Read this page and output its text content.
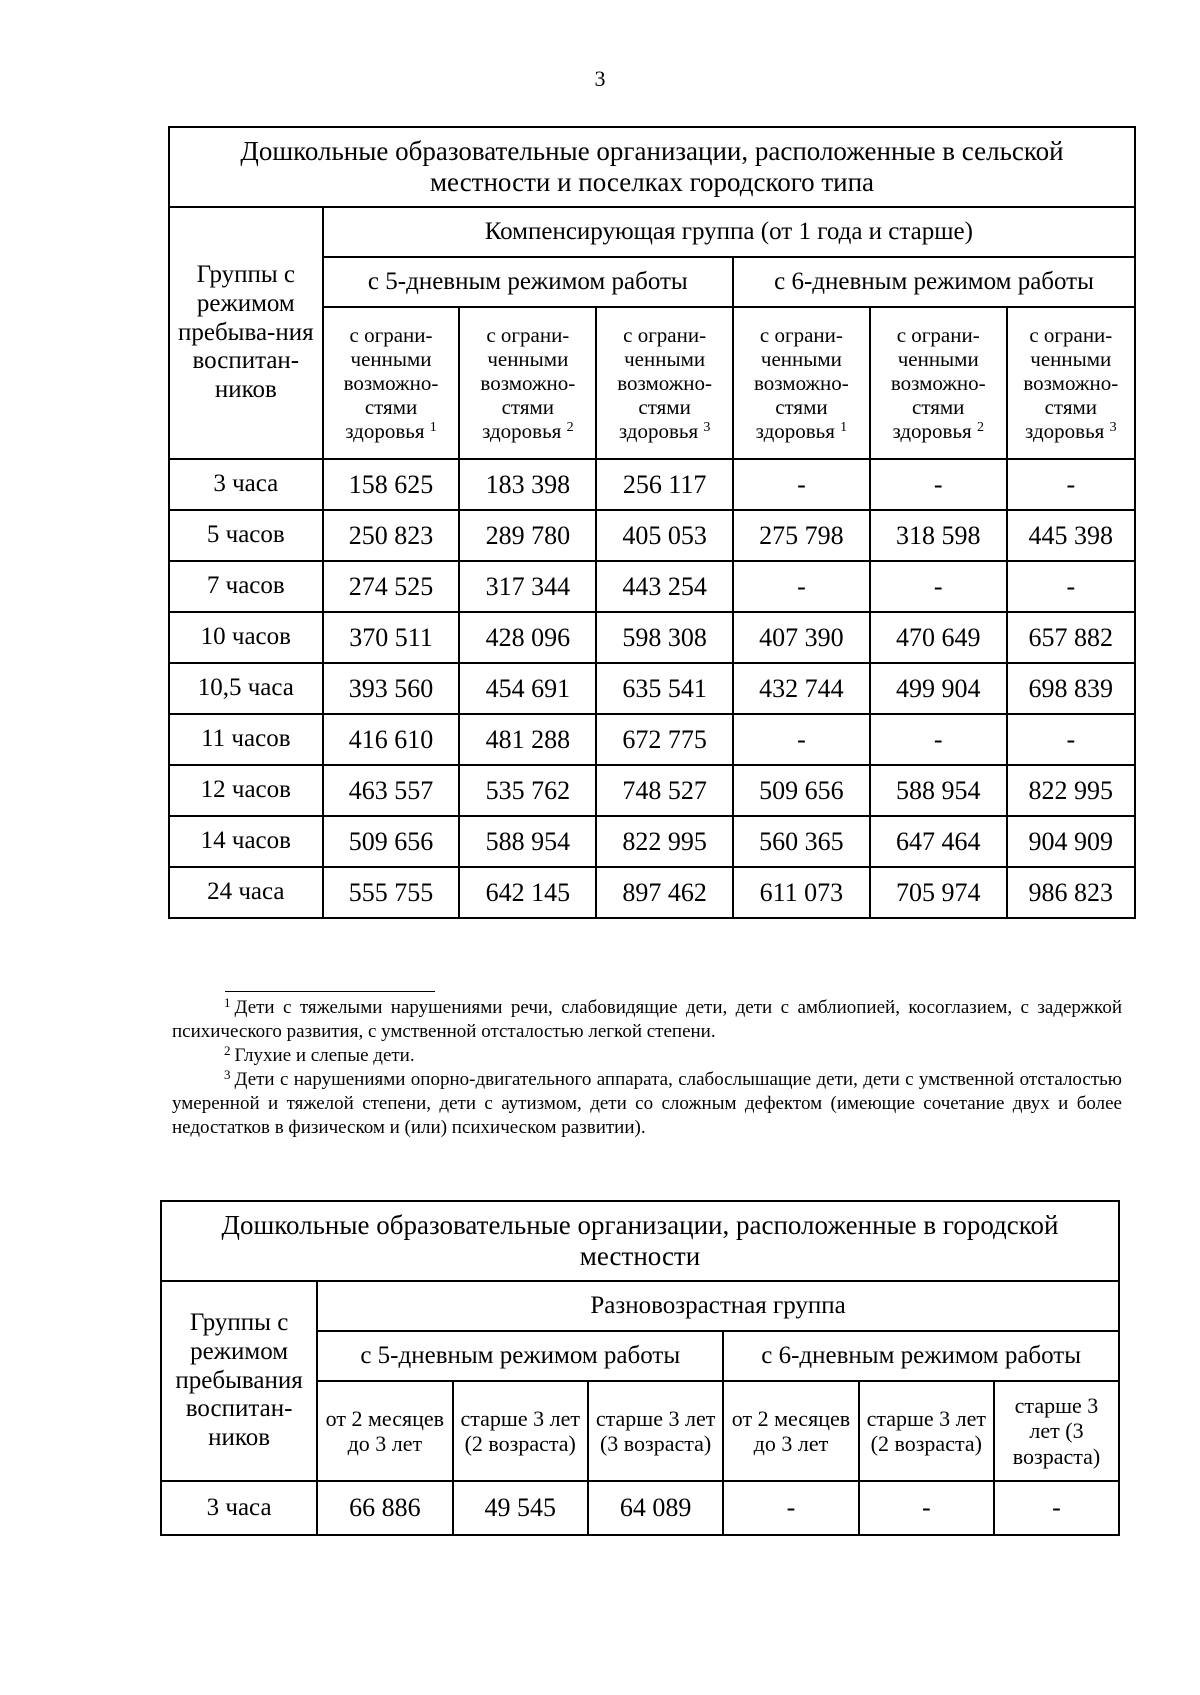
3
Дошкольные образовательные организации, расположенные в сельской местности и поселках городского типа						
Группы с режимом пребыва-ния воспитан-ников	Компенсирующая группа (от 1 года и старше)					
	с 5-дневным режимом работы			с 6-дневным режимом работы		
	с ограни-ченными возможно-стями здоровья $^1$	с ограни-ченными возможно-стями здоровья $^2$	с ограни-ченными возможно-стями здоровья $^3$	с ограни-ченными возможно-стями здоровья $^1$	с ограни-ченными возможно-стями здоровья $^2$	с ограни-ченными возможно-стями здоровья $^3$
3 часа	158 625	183 398	256 117	-	-	-
5 часов	250 823	289 780	405 053	275 798	318 598	445 398
7 часов	274 525	317 344	443 254	-	-	-
10 часов	370 511	428 096	598 308	407 390	470 649	657 882
10,5 часа	393 560	454 691	635 541	432 744	499 904	698 839
11 часов	416 610	481 288	672 775	-	-	-
12 часов	463 557	535 762	748 527	509 656	588 954	822 995
14 часов	509 656	588 954	822 995	560 365	647 464	904 909
24 часа	555 755	642 145	897 462	611 073	705 974	986 823

$^1$ Дети с тяжелыми нарушениями речи, слабовидящие дети, дети с амблиопией, косоглазием, с задержкой психического развития, с умственной отсталостью легкой степени.

$^2$ Глухие и слепые дети.

$^3$ Дети с нарушениями опорно-двигательного аппарата, слабослышащие дети, дети с умственной отсталостью умеренной и тяжелой степени, дети с аутизмом, дети со сложным дефектом (имеющие сочетание двух и более недостатков в физическом и (или) психическом развитии).

Дошкольные образовательные организации, расположенные в городской местности						
Группы с режимом пребывания воспитан-ников	Разновозрастная группа					
	с 5-дневным режимом работы			с 6-дневным режимом работы		
	от 2 месяцев до 3 лет	старше 3 лет (2 возраста)	старше 3 лет (3 возраста)	от 2 месяцев до 3 лет	старше 3 лет (2 возраста)	старше 3 лет (3 возраста)
3 часа	66 886	49 545	64 089	-	-	-
